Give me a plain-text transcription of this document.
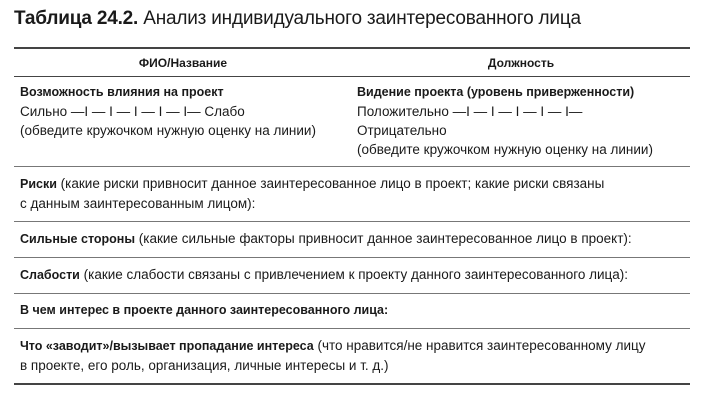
Таблица 24.2. Анализ индивидуального заинтересованного лица
ФИО/Название	Должность
Возможность влияния на проект
Сильно —I — I — I — I — I— Слабо
(обведите кружочком нужную оценку на линии)
Видение проекта (уровень приверженности)
Положительно —I — I — I — I — I—
Отрицательно
(обведите кружочком нужную оценку на линии)
Риски (какие риски привносит данное заинтересованное лицо в проект; какие риски связаны
с данным заинтересованным лицом):
Сильные стороны (какие сильные факторы привносит данное заинтересованное лицо в проект):
Слабости (какие слабости связаны с привлечением к проекту данного заинтересованного лица):
В чем интерес в проекте данного заинтересованного лица:
Что «заводит»/вызывает пропадание интереса (что нравится/не нравится заинтересованному лицу
в проекте, его роль, организация, личные интересы и т. д.)
